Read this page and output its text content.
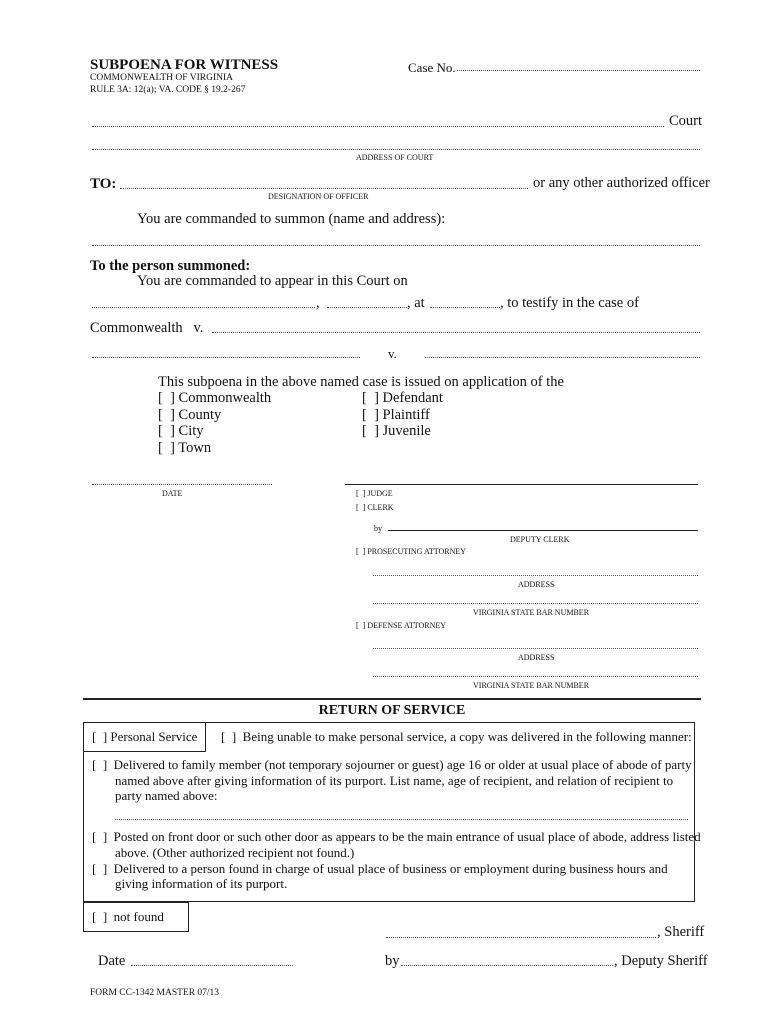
SUBPOENA FOR WITNESS
COMMONWEALTH OF VIRGINIA
RULE 3A: 12(a); VA. CODE § 19.2-267
Case No.
Court
ADDRESS OF COURT
TO:	or any other authorized officer
DESIGNATION OF OFFICER
You are commanded to summon (name and address):
To the person summoned:
You are commanded to appear in this Court on
,	, at	, to testify in the case of
Commonwealth   v.
v.
This subpoena in the above named case is issued on application of the
[  ] Commonwealth
[  ] County
[  ] City
[  ] Town
[  ] Defendant
[  ] Plaintiff
[  ] Juvenile
DATE	[  ] JUDGE
[  ] CLERK
by
DEPUTY CLERK
[  ] PROSECUTING ATTORNEY
ADDRESS
VIRGINIA STATE BAR NUMBER
[  ] DEFENSE ATTORNEY
ADDRESS
VIRGINIA STATE BAR NUMBER
RETURN OF SERVICE
[  ] Personal Service [  ]  Being unable to make personal service, a copy was delivered in the following manner:
[  ]  Delivered to family member (not temporary sojourner or guest) age 16 or older at usual place of abode of party
named above after giving information of its purport. List name, age of recipient, and relation of recipient to
party named above:
[  ]  Posted on front door or such other door as appears to be the main entrance of usual place of abode, address listed
above. (Other authorized recipient not found.)
[  ]  Delivered to a person found in charge of usual place of business or employment during business hours and
giving information of its purport.
[  ]  not found
, Sheriff
Date	by	, Deputy Sheriff
FORM CC-1342 MASTER 07/13
